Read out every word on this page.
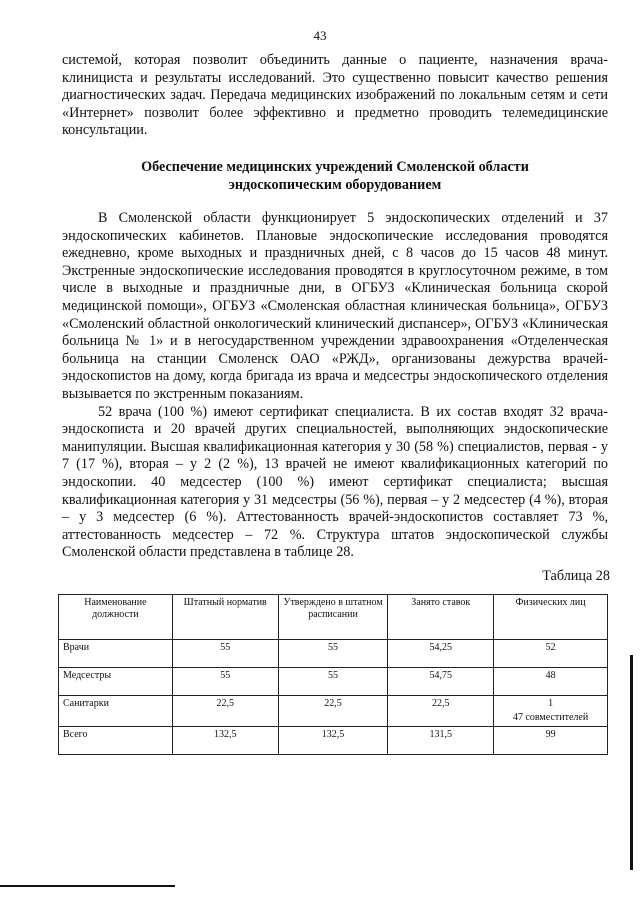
43

системой, которая позволит объединить данные о пациенте, назначения врача-клинициста и результаты исследований. Это существенно повысит качество решения диагностических задач. Передача медицинских изображений по локальным сетям и сети «Интернет» позволит более эффективно и предметно проводить телемедицинские консультации.

Обеспечение медицинских учреждений Смоленской области
эндоскопическим оборудованием

В Смоленской области функционирует 5 эндоскопических отделений и 37 эндоскопических кабинетов. Плановые эндоскопические исследования проводятся ежедневно, кроме выходных и праздничных дней, с 8 часов до 15 часов 48 минут. Экстренные эндоскопические исследования проводятся в круглосуточном режиме, в том числе в выходные и праздничные дни, в ОГБУЗ «Клиническая больница скорой медицинской помощи», ОГБУЗ «Смоленская областная клиническая больница», ОГБУЗ «Смоленский областной онкологический клинический диспансер», ОГБУЗ «Клиническая больница № 1» и в негосударственном учреждении здравоохранения «Отделенческая больница на станции Смоленск ОАО «РЖД», организованы дежурства врачей-эндоскопистов на дому, когда бригада из врача и медсестры эндоскопического отделения вызывается по экстренным показаниям.

52 врача (100 %) имеют сертификат специалиста. В их состав входят 32 врача-эндоскописта и 20 врачей других специальностей, выполняющих эндоскопические манипуляции. Высшая квалификационная категория у 30 (58 %) специалистов, первая - у 7 (17 %), вторая – у 2 (2 %), 13 врачей не имеют квалификационных категорий по эндоскопии. 40 медсестер (100 %) имеют сертификат специалиста; высшая квалификационная категория у 31 медсестры (56 %), первая – у 2 медсестер (4 %), вторая – у 3 медсестер (6 %). Аттестованность врачей-эндоскопистов составляет 73 %, аттестованность медсестер – 72 %. Структура штатов эндоскопической службы Смоленской области представлена в таблице 28.

Таблица 28
Наименование должности	Штатный норматив	Утверждено в штатном расписании	Занято ставок	Физических лиц
Врачи	55	55	54,25	52
Медсестры	55	55	54,75	48
Санитарки	22,5	22,5	22,5	1
47 совместителей

Всего	132,5	132,5	131,5	99
